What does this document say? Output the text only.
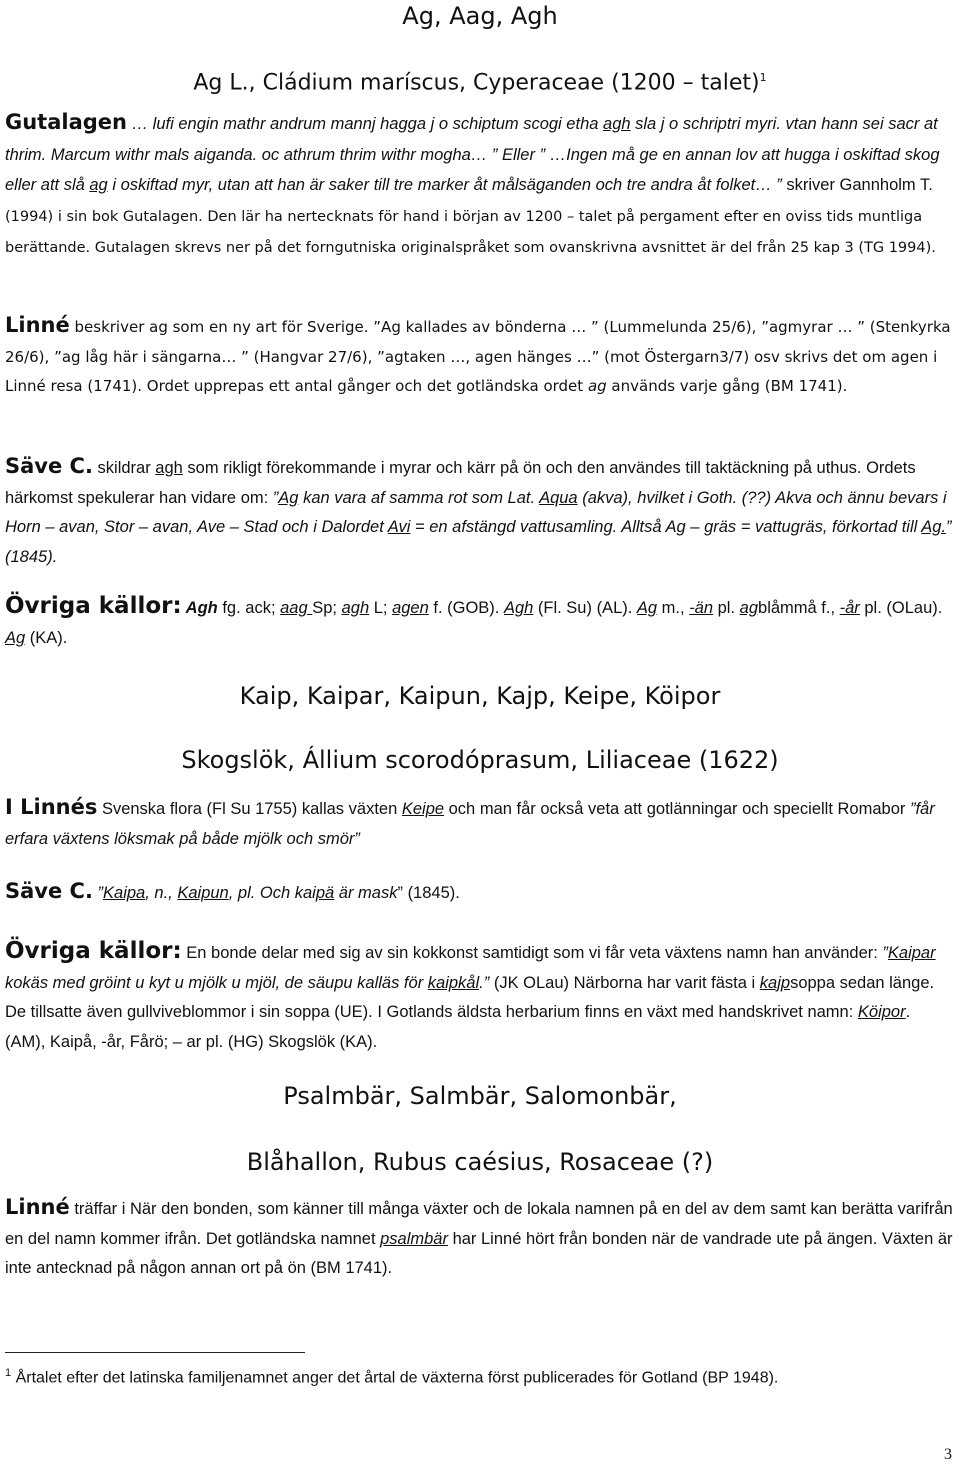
Ag, Aag, Agh
Ag L., Cládium maríscus, Cyperaceae (1200 – talet)$^1$

Gutalagen … lufi engin mathr andrum mannj hagga j o schiptum scogi etha agh sla j o schriptri myri. vtan hann sei sacr at thrim. Marcum withr mals aiganda. oc athrum thrim withr mogha… ” Eller ” …Ingen må ge en annan lov att hugga i oskiftad skog eller att slå ag i oskiftad myr, utan att han är saker till tre marker åt målsäganden och tre andra åt folket… ” skriver Gannholm T. (1994) i sin bok Gutalagen. Den lär ha nertecknats för hand i början av 1200 – talet på pergament efter en oviss tids muntliga berättande. Gutalagen skrevs ner på det forngutniska originalspråket som ovanskrivna avsnittet är del från 25 kap 3 (TG 1994).

Linné beskriver ag som en ny art för Sverige. ”Ag kallades av bönderna … ” (Lummelunda 25/6), ”agmyrar … ” (Stenkyrka 26/6), ”ag låg här i sängarna… ” (Hangvar 27/6), ”agtaken …, agen hänges …” (mot Östergarn3/7) osv skrivs det om agen i Linné resa (1741). Ordet upprepas ett antal gånger och det gotländska ordet ag används varje gång (BM 1741).

Säve C. skildrar agh som rikligt förekommande i myrar och kärr på ön och den användes till taktäckning på uthus. Ordets härkomst spekulerar han vidare om: ”Ag kan vara af samma rot som Lat. Aqua (akva), hvilket i Goth. (??) Akva och ännu bevars i Horn – avan, Stor – avan, Ave – Stad och i Dalordet Avi = en afstängd vattusamling. Alltså Ag – gräs = vattugräs, förkortad till Ag.” (1845).

Övriga källor: Agh fg. ack; aag Sp; agh L; agen f. (GOB). Agh (Fl. Su) (AL). Ag m., -än pl. agblåmmå f., -år pl. (OLau). Ag (KA).

Kaip, Kaipar, Kaipun, Kajp, Keipe, Köipor
Skogslök, Állium scorodóprasum, Liliaceae (1622)

I Linnés Svenska flora (Fl Su 1755) kallas växten Keipe och man får också veta att gotlänningar och speciellt Romabor ”får erfara växtens löksmak på både mjölk och smör”

Säve C. ”Kaipa, n., Kaipun, pl. Och kaipä är mask” (1845).

Övriga källor: En bonde delar med sig av sin kokkonst samtidigt som vi får veta växtens namn han använder: ”Kaipar kokäs med gröint u kyt u mjölk u mjöl, de säupu kalläs för kaipkål.” (JK OLau) Närborna har varit fästa i kajpsoppa sedan länge. De tillsatte även gullviveblommor i sin soppa (UE). I Gotlands äldsta herbarium finns en växt med handskrivet namn: Köipor. (AM), Kaipå, -år, Fårö; – ar pl. (HG) Skogslök (KA).

Psalmbär, Salmbär, Salomonbär,
Blåhallon, Rubus caésius, Rosaceae (?)

Linné träffar i När den bonden, som känner till många växter och de lokala namnen på en del av dem samt kan berätta varifrån en del namn kommer ifrån. Det gotländska namnet psalmbär har Linné hört från bonden när de vandrade ute på ängen. Växten är inte antecknad på någon annan ort på ön (BM 1741).

$^1$ Årtalet efter det latinska familjenamnet anger det årtal de växterna först publicerades för Gotland (BP 1948).

3
